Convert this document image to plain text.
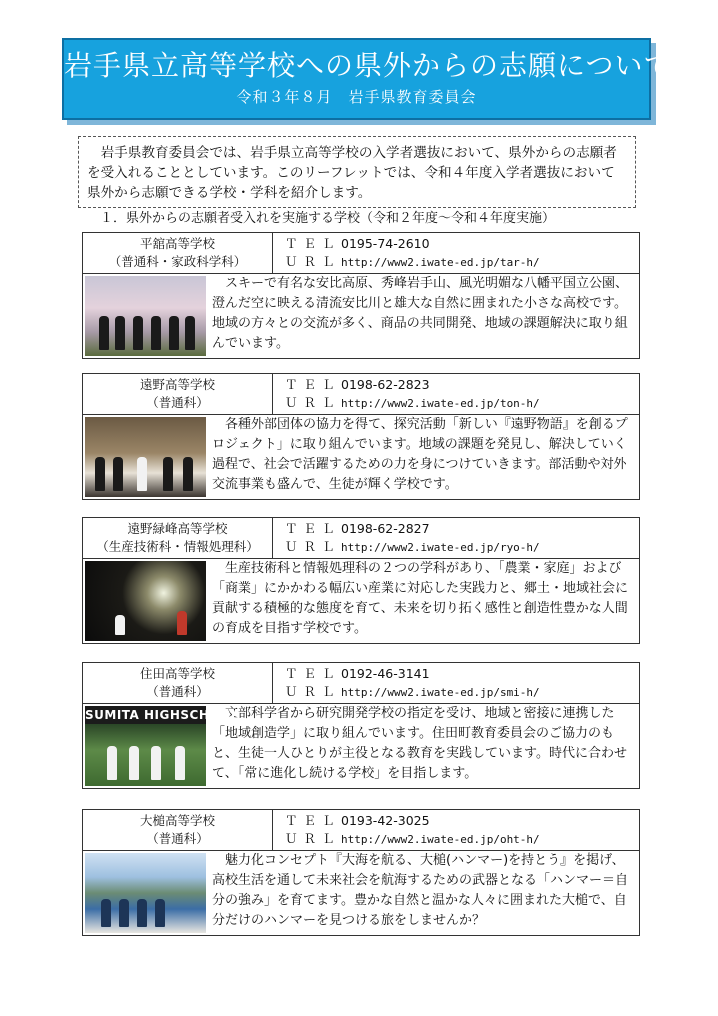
岩手県立高等学校への県外からの志願について
令和３年８月　岩手県教育委員会

岩手県教育委員会では、岩手県立高等学校の入学者選抜において、県外からの志願者を受入れることとしています。このリーフレットでは、令和４年度入学者選抜において県外から志願できる学校・学科を紹介します。

１．県外からの志願者受入れを実施する学校（令和２年度～令和４年度実施）
平舘高等学校
（普通科・家政科学科）
ＴＥＬ0195-74-2610
ＵＲＬhttp://www2.iwate-ed.jp/tar-h/
スキーで有名な安比高原、秀峰岩手山、風光明媚な八幡平国立公園、澄んだ空に映える清流安比川と雄大な自然に囲まれた小さな高校です。地域の方々との交流が多く、商品の共同開発、地域の課題解決に取り組んでいます。
遠野高等学校
（普通科）
ＴＥＬ0198-62-2823
ＵＲＬhttp://www2.iwate-ed.jp/ton-h/
各種外部団体の協力を得て、探究活動「新しい『遠野物語』を創るプロジェクト」に取り組んでいます。地域の課題を発見し、解決していく過程で、社会で活躍するための力を身につけていきます。部活動や対外交流事業も盛んで、生徒が輝く学校です。
遠野緑峰高等学校
（生産技術科・情報処理科）
ＴＥＬ0198-62-2827
ＵＲＬhttp://www2.iwate-ed.jp/ryo-h/
生産技術科と情報処理科の２つの学科があり、「農業・家庭」および「商業」にかかわる幅広い産業に対応した実践力と、郷土・地域社会に貢献する積極的な態度を育て、未来を切り拓く感性と創造性豊かな人間の育成を目指す学校です。
住田高等学校
（普通科）
ＴＥＬ0192-46-3141
ＵＲＬhttp://www2.iwate-ed.jp/smi-h/
SUMITA HIGHSCHOOL
文部科学省から研究開発学校の指定を受け、地域と密接に連携した「地域創造学」に取り組んでいます。住田町教育委員会のご協力のもと、生徒一人ひとりが主役となる教育を実践しています。時代に合わせて、「常に進化し続ける学校」を目指します。
大槌高等学校
（普通科）
ＴＥＬ0193-42-3025
ＵＲＬhttp://www2.iwate-ed.jp/oht-h/
魅力化コンセプト『大海を航る、大槌(ハンマー)を持とう』を掲げ、高校生活を通して未来社会を航海するための武器となる「ハンマー＝自分の強み」を育てます。豊かな自然と温かな人々に囲まれた大槌で、自分だけのハンマーを見つける旅をしませんか？
